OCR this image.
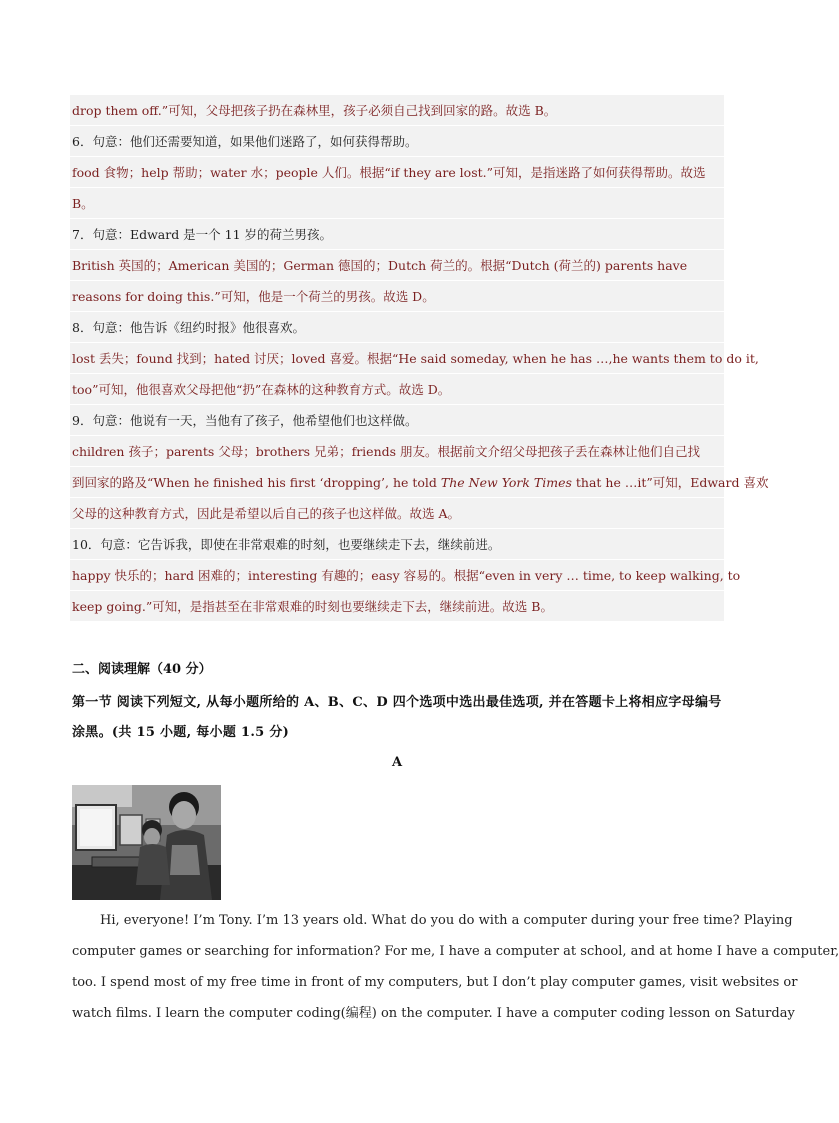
drop them off.”可知，父母把孩子扔在森林里，孩子必须自己找到回家的路。故选 B。
6．句意：他们还需要知道，如果他们迷路了，如何获得帮助。
food 食物；help 帮助；water 水；people 人们。根据“if they are lost.”可知，是指迷路了如何获得帮助。故选
B。
7．句意：Edward 是一个 11 岁的荷兰男孩。
British 英国的；American 美国的；German 德国的；Dutch 荷兰的。根据“Dutch (荷兰的) parents have
reasons for doing this.”可知，他是一个荷兰的男孩。故选 D。
8．句意：他告诉《纽约时报》他很喜欢。
lost 丢失；found 找到；hated 讨厌；loved 喜爱。根据“He said someday, when he has …,he wants them to do it,
too”可知，他很喜欢父母把他“扔”在森林的这种教育方式。故选 D。
9．句意：他说有一天，当他有了孩子，他希望他们也这样做。
children 孩子；parents 父母；brothers 兄弟；friends 朋友。根据前文介绍父母把孩子丢在森林让他们自己找
到回家的路及“When he finished his first ‘dropping’, he told The New York Times that he …it”可知，Edward 喜欢
父母的这种教育方式，因此是希望以后自己的孩子也这样做。故选 A。
10．句意：它告诉我，即使在非常艰难的时刻，也要继续走下去，继续前进。
happy 快乐的；hard 困难的；interesting 有趣的；easy 容易的。根据“even in very … time, to keep walking, to
keep going.”可知，是指甚至在非常艰难的时刻也要继续走下去，继续前进。故选 B。
二、阅读理解（40 分）
第一节 阅读下列短文, 从每小题所给的 A、B、C、D 四个选项中选出最佳选项, 并在答题卡上将相应字母编号涂黑。(共 15 小题, 每小题 1.5 分)
A
Hi, everyone! I’m Tony. I’m 13 years old. What do you do with a computer during your free time? Playing
computer games or searching for information? For me, I have a computer at school, and at home I have a computer,
too. I spend most of my free time in front of my computers, but I don’t play computer games, visit websites or
watch films. I learn the computer coding(编程) on the computer. I have a computer coding lesson on Saturday
